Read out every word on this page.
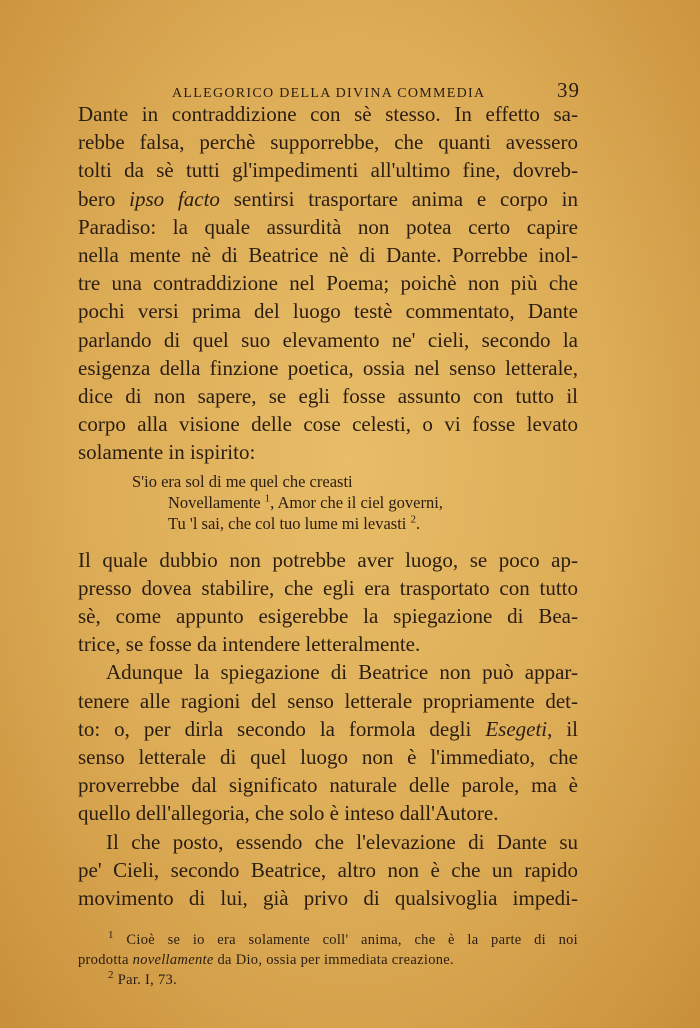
ALLEGORICO DELLA DIVINA COMMEDIA	39
Dante in contraddizione con sè stesso. In effetto sa-
rebbe falsa, perchè supporrebbe, che quanti avessero
tolti da sè tutti gl'impedimenti all'ultimo fine, dovreb-
bero ipso facto sentirsi trasportare anima e corpo in
Paradiso: la quale assurdità non potea certo capire
nella mente nè di Beatrice nè di Dante. Porrebbe inol-
tre una contraddizione nel Poema; poichè non più che
pochi versi prima del luogo testè commentato, Dante
parlando di quel suo elevamento ne' cieli, secondo la
esigenza della finzione poetica, ossia nel senso letterale,
dice di non sapere, se egli fosse assunto con tutto il
corpo alla visione delle cose celesti, o vi fosse levato
solamente in ispirito:
S'io era sol di me quel che creasti
Novellamente $^1$, Amor che il ciel governi,
Tu 'l sai, che col tuo lume mi levasti $^2$.
Il quale dubbio non potrebbe aver luogo, se poco ap-
presso dovea stabilire, che egli era trasportato con tutto
sè, come appunto esigerebbe la spiegazione di Bea-
trice, se fosse da intendere letteralmente.
Adunque la spiegazione di Beatrice non può appar-
tenere alle ragioni del senso letterale propriamente det-
to: o, per dirla secondo la formola degli Esegeti, il
senso letterale di quel luogo non è l'immediato, che
proverrebbe dal significato naturale delle parole, ma è
quello dell'allegoria, che solo è inteso dall'Autore.
Il che posto, essendo che l'elevazione di Dante su
pe' Cieli, secondo Beatrice, altro non è che un rapido
movimento di lui, già privo di qualsivoglia impedi-
$^1$ Cioè se io era solamente coll' anima, che è la parte di noi
prodotta novellamente da Dio, ossia per immediata creazione.
$^2$ Par. I, 73.
